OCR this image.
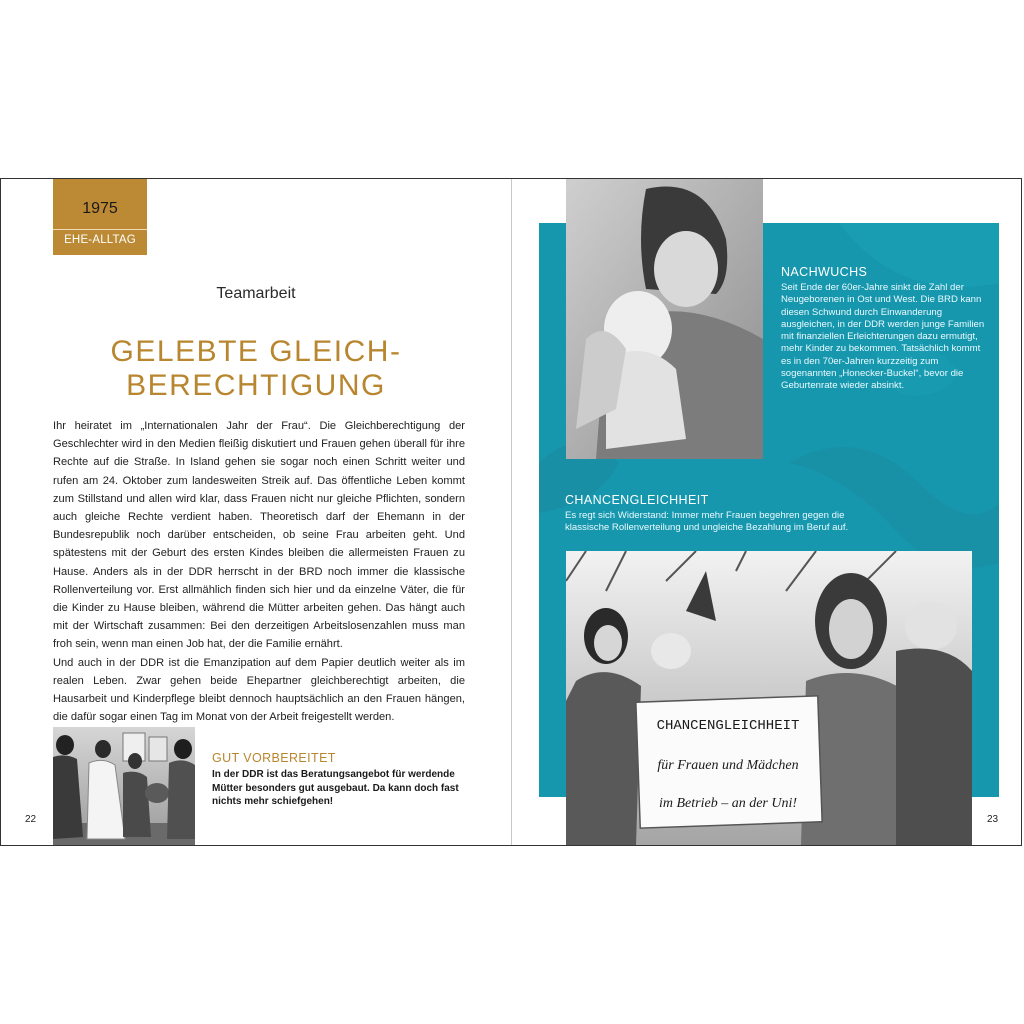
1975
EHE-ALLTAG
Teamarbeit
GELEBTE GLEICH-
BERECHTIGUNG

Ihr heiratet im „Internationalen Jahr der Frau“. Die Gleichberechtigung der Geschlechter wird in den Medien fleißig diskutiert und Frauen gehen überall für ihre Rechte auf die Straße. In Island gehen sie sogar noch einen Schritt weiter und rufen am 24. Oktober zum landesweiten Streik auf. Das öffentliche Leben kommt zum Stillstand und allen wird klar, dass Frauen nicht nur gleiche Pflichten, sondern auch gleiche Rechte verdient haben. Theoretisch darf der Ehemann in der Bundesrepublik noch darüber entscheiden, ob seine Frau arbeiten geht. Und spätestens mit der Geburt des ersten Kindes bleiben die allermeisten Frauen zu Hause. Anders als in der DDR herrscht in der BRD noch immer die klassische Rollenverteilung vor. Erst allmählich finden sich hier und da einzelne Väter, die für die Kinder zu Hause bleiben, während die Mütter arbeiten gehen. Das hängt auch mit der Wirtschaft zusammen: Bei den derzeitigen Arbeitslosenzahlen muss man froh sein, wenn man einen Job hat, der die Familie ernährt.

Und auch in der DDR ist die Emanzipation auf dem Papier deutlich weiter als im realen Leben. Zwar gehen beide Ehepartner gleichberechtigt arbeiten, die Hausarbeit und Kinderpflege bleibt dennoch hauptsächlich an den Frauen hängen, die dafür sogar einen Tag im Monat von der Arbeit freigestellt werden.

GUT VORBEREITET
In der DDR ist das Beratungsangebot für werdende Mütter besonders gut ausgebaut. Da kann doch fast nichts mehr schiefgehen!
22
NACHWUCHS
Seit Ende der 60er-Jahre sinkt die Zahl der Neugeborenen in Ost und West. Die BRD kann diesen Schwund durch Einwanderung ausgleichen, in der DDR werden junge Familien mit finanziellen Erleichterungen dazu ermutigt, mehr Kinder zu bekommen. Tatsächlich kommt es in den 70er-Jahren kurzzeitig zum sogenannten „Honecker-Buckel“, bevor die Geburtenrate wieder absinkt.
CHANCENGLEICHHEIT
Es regt sich Widerstand: Immer mehr Frauen begehren gegen die klassische Rollenverteilung und ungleiche Bezahlung im Beruf auf.
CHANCENGLEICHHEIT
für Frauen und Mädchen
im Betrieb – an der Uni!
23
